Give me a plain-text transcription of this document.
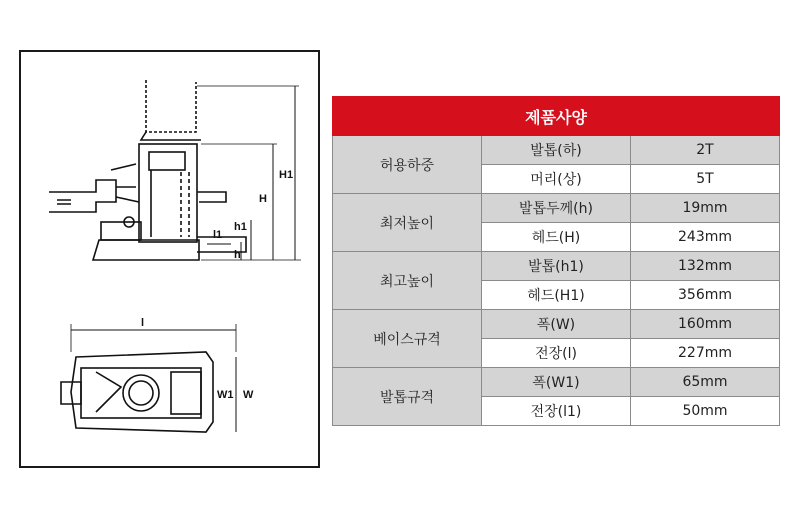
H1
H
h1
h
l1
l
W1 W
제품사양		
허용하중	발톱(하)	2T
	머리(상)	5T
최저높이	발톱두께(h)	19mm
	헤드(H)	243mm
최고높이	발톱(h1)	132mm
	헤드(H1)	356mm
베이스규격	폭(W)	160mm
	전장(l)	227mm
발톱규격	폭(W1)	65mm
	전장(l1)	50mm
